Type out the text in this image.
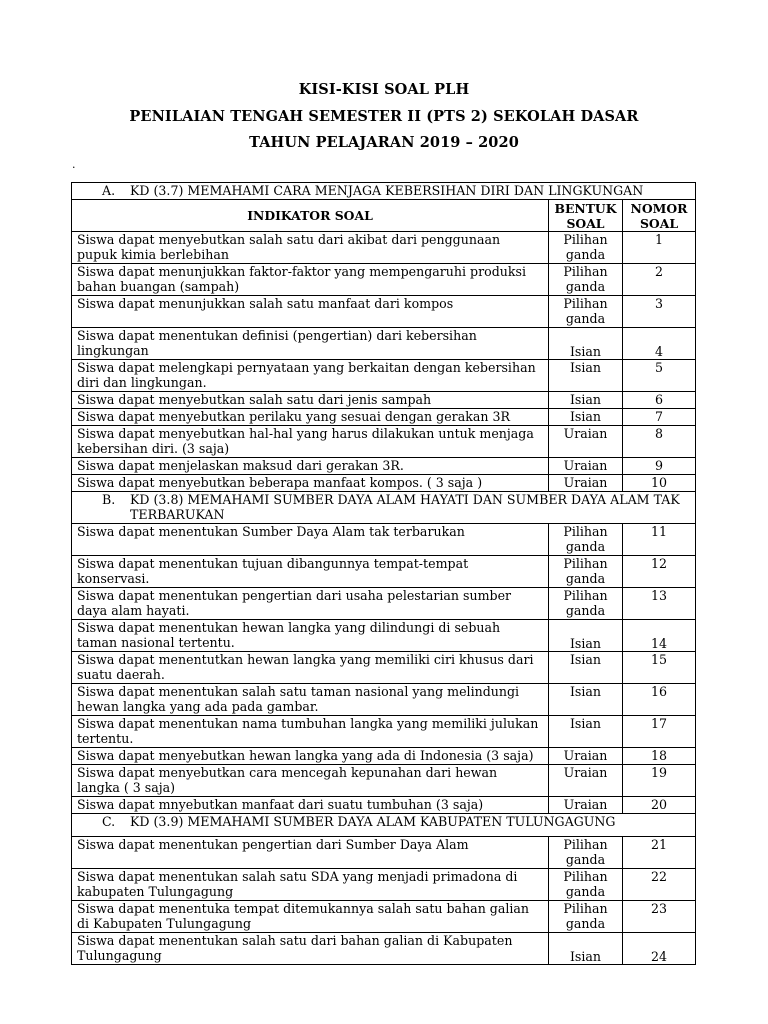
KISI-KISI SOAL PLH
PENILAIAN TENGAH SEMESTER II (PTS 2) SEKOLAH DASAR
TAHUN PELAJARAN 2019 – 2020
.
A. KD (3.7) MEMAHAMI CARA MENJAGA KEBERSIHAN DIRI DAN LINGKUNGAN		

INDIKATOR SOAL	BENTUK SOAL	NOMOR SOAL
Siswa dapat menyebutkan salah satu dari akibat dari penggunaan pupuk kimia berlebihan	Pilihan ganda	1
Siswa dapat menunjukkan faktor-faktor yang mempengaruhi produksi bahan buangan (sampah)	Pilihan ganda	2
Siswa dapat menunjukkan salah satu manfaat dari kompos	Pilihan ganda	3
Siswa dapat menentukan definisi (pengertian) dari kebersihan lingkungan	Isian	4
Siswa dapat melengkapi pernyataan yang berkaitan dengan kebersihan diri dan lingkungan.	Isian	5
Siswa dapat menyebutkan salah satu dari jenis sampah	Isian	6
Siswa dapat menyebutkan perilaku yang sesuai dengan gerakan 3R	Isian	7
Siswa dapat menyebutkan hal-hal yang harus dilakukan untuk menjaga kebersihan diri. (3 saja)	Uraian	8
Siswa dapat menjelaskan maksud dari gerakan 3R.	Uraian	9
Siswa dapat menyebutkan beberapa manfaat kompos. ( 3 saja )	Uraian	10

B. KD (3.8) MEMAHAMI SUMBER DAYA ALAM HAYATI DAN SUMBER DAYA ALAM TAK TERBARUKAN		

Siswa dapat menentukan Sumber Daya Alam tak terbarukan	Pilihan ganda	11
Siswa dapat menentukan tujuan dibangunnya tempat-tempat konservasi.	Pilihan ganda	12
Siswa dapat menentukan pengertian dari usaha pelestarian sumber daya alam hayati.	Pilihan ganda	13
Siswa dapat menentukan hewan langka yang dilindungi di sebuah taman nasional tertentu.	Isian	14
Siswa dapat menentutkan hewan langka yang memiliki ciri khusus dari suatu daerah.	Isian	15
Siswa dapat menentukan salah satu taman nasional yang melindungi hewan langka yang ada pada gambar.	Isian	16
Siswa dapat menentukan nama tumbuhan langka yang memiliki julukan tertentu.	Isian	17
Siswa dapat menyebutkan hewan langka yang ada di Indonesia (3 saja)	Uraian	18
Siswa dapat menyebutkan cara mencegah kepunahan dari hewan langka ( 3 saja)	Uraian	19
Siswa dapat mnyebutkan manfaat dari suatu tumbuhan (3 saja)	Uraian	20

C. KD (3.9) MEMAHAMI SUMBER DAYA ALAM KABUPATEN TULUNGAGUNG		

Siswa dapat menentukan pengertian dari Sumber Daya Alam	Pilihan ganda	21
Siswa dapat menentukan salah satu SDA yang menjadi primadona di kabupaten Tulungagung	Pilihan ganda	22
Siswa dapat menentuka tempat ditemukannya salah satu bahan galian di Kabupaten Tulungagung	Pilihan ganda	23
Siswa dapat menentukan salah satu dari bahan galian di Kabupaten Tulungagung	Isian	24
